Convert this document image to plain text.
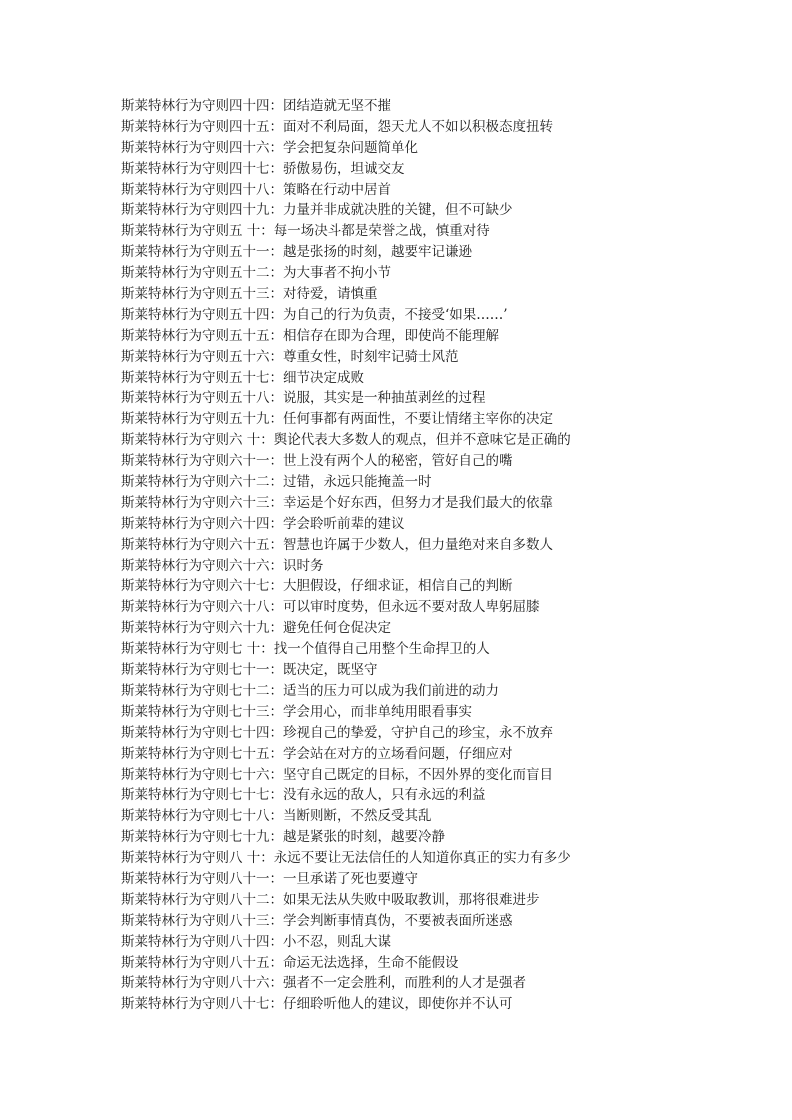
斯莱特林行为守则四十四：团结造就无坚不摧
斯莱特林行为守则四十五：面对不利局面，怨天尤人不如以积极态度扭转
斯莱特林行为守则四十六：学会把复杂问题简单化
斯莱特林行为守则四十七：骄傲易伤，坦诚交友
斯莱特林行为守则四十八：策略在行动中居首
斯莱特林行为守则四十九：力量并非成就决胜的关键，但不可缺少
斯莱特林行为守则五 十：每一场决斗都是荣誉之战，慎重对待
斯莱特林行为守则五十一：越是张扬的时刻，越要牢记谦逊
斯莱特林行为守则五十二：为大事者不拘小节
斯莱特林行为守则五十三：对待爱，请慎重
斯莱特林行为守则五十四：为自己的行为负责，不接受‘如果……’
斯莱特林行为守则五十五：相信存在即为合理，即使尚不能理解
斯莱特林行为守则五十六：尊重女性，时刻牢记骑士风范
斯莱特林行为守则五十七：细节决定成败
斯莱特林行为守则五十八：说服，其实是一种抽茧剥丝的过程
斯莱特林行为守则五十九：任何事都有两面性，不要让情绪主宰你的决定
斯莱特林行为守则六 十：舆论代表大多数人的观点，但并不意味它是正确的
斯莱特林行为守则六十一：世上没有两个人的秘密，管好自己的嘴
斯莱特林行为守则六十二：过错，永远只能掩盖一时
斯莱特林行为守则六十三：幸运是个好东西，但努力才是我们最大的依靠
斯莱特林行为守则六十四：学会聆听前辈的建议
斯莱特林行为守则六十五：智慧也许属于少数人，但力量绝对来自多数人
斯莱特林行为守则六十六：识时务
斯莱特林行为守则六十七：大胆假设，仔细求证，相信自己的判断
斯莱特林行为守则六十八：可以审时度势，但永远不要对敌人卑躬屈膝
斯莱特林行为守则六十九：避免任何仓促决定
斯莱特林行为守则七 十：找一个值得自己用整个生命捍卫的人
斯莱特林行为守则七十一：既决定，既坚守
斯莱特林行为守则七十二：适当的压力可以成为我们前进的动力
斯莱特林行为守则七十三：学会用心，而非单纯用眼看事实
斯莱特林行为守则七十四：珍视自己的挚爱，守护自己的珍宝，永不放弃
斯莱特林行为守则七十五：学会站在对方的立场看问题，仔细应对
斯莱特林行为守则七十六：坚守自己既定的目标，不因外界的变化而盲目
斯莱特林行为守则七十七：没有永远的敌人，只有永远的利益
斯莱特林行为守则七十八：当断则断，不然反受其乱
斯莱特林行为守则七十九：越是紧张的时刻，越要冷静
斯莱特林行为守则八 十：永远不要让无法信任的人知道你真正的实力有多少
斯莱特林行为守则八十一：一旦承诺了死也要遵守
斯莱特林行为守则八十二：如果无法从失败中吸取教训，那将很难进步
斯莱特林行为守则八十三：学会判断事情真伪，不要被表面所迷惑
斯莱特林行为守则八十四：小不忍，则乱大谋
斯莱特林行为守则八十五：命运无法选择，生命不能假设
斯莱特林行为守则八十六：强者不一定会胜利，而胜利的人才是强者
斯莱特林行为守则八十七：仔细聆听他人的建议，即使你并不认可
